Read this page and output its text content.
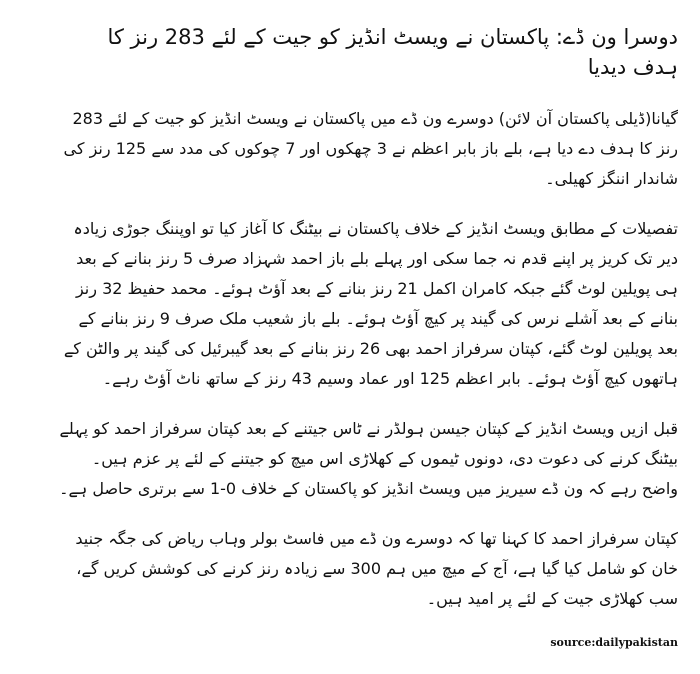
دوسرا ون ڈے: پاکستان نے ویسٹ انڈیز کو جیت کے لئے 283 رنز کا ہدف دیدیا

گیانا(ڈیلی پاکستان آن لائن) دوسرے ون ڈے میں پاکستان نے ویسٹ انڈیز کو جیت کے لئے 283 رنز کا ہدف دے دیا ہے، بلے باز بابر اعظم نے 3 چھکوں اور 7 چوکوں کی مدد سے 125 رنز کی شاندار اننگز کھیلی۔

تفصیلات کے مطابق ویسٹ انڈیز کے خلاف پاکستان نے بیٹنگ کا آغاز کیا تو اوپننگ جوڑی زیادہ دیر تک کریز پر اپنے قدم نہ جما سکی اور پہلے بلے باز احمد شہزاد صرف 5 رنز بنانے کے بعد ہی پویلین لوٹ گئے جبکہ کامران اکمل 21 رنز بنانے کے بعد آؤٹ ہوئے۔ محمد حفیظ 32 رنز بنانے کے بعد آشلے نرس کی گیند پر کیچ آؤٹ ہوئے۔ بلے باز شعیب ملک صرف 9 رنز بنانے کے بعد پویلین لوٹ گئے، کپتان سرفراز احمد بھی 26 رنز بنانے کے بعد گیبرئیل کی گیند پر والٹن کے ہاتھوں کیچ آؤٹ ہوئے۔ بابر اعظم 125 اور عماد وسیم 43 رنز کے ساتھ ناٹ آؤٹ رہے۔

قبل ازیں ویسٹ انڈیز کے کپتان جیسن ہولڈر نے ٹاس جیتنے کے بعد کپتان سرفراز احمد کو پہلے بیٹنگ کرنے کی دعوت دی، دونوں ٹیموں کے کھلاڑی اس میچ کو جیتنے کے لئے پر عزم ہیں۔ واضح رہے کہ ون ڈے سیریز میں ویسٹ انڈیز کو پاکستان کے خلاف 0-1 سے برتری حاصل ہے۔

کپتان سرفراز احمد کا کہنا تھا کہ دوسرے ون ڈے میں فاسٹ بولر وہاب ریاض کی جگہ جنید خان کو شامل کیا گیا ہے، آج کے میچ میں ہم 300 سے زیادہ رنز کرنے کی کوشش کریں گے، سب کھلاڑی جیت کے لئے پر امید ہیں۔

source:dailypakistan
